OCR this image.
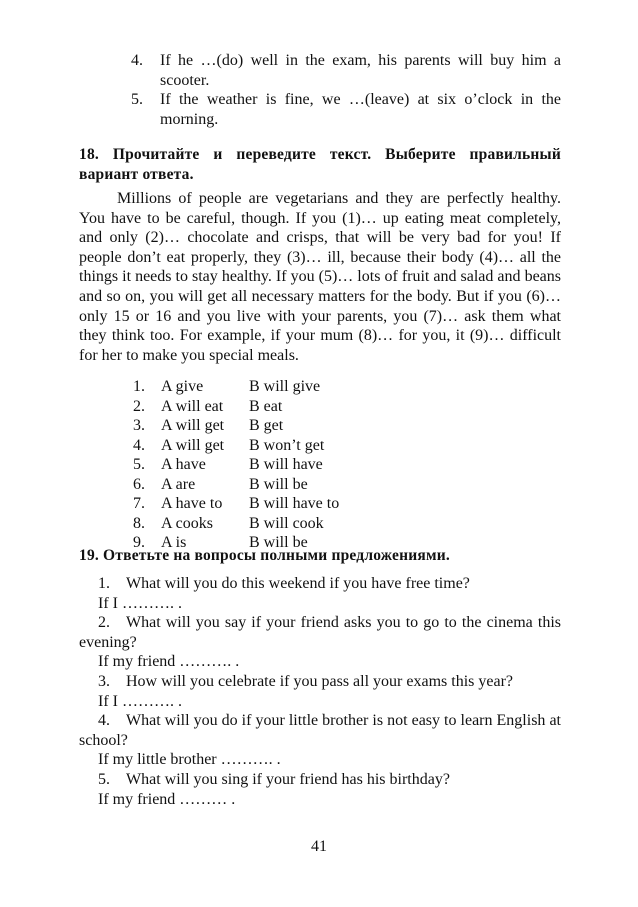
4. If he …(do) well in the exam, his parents will buy him a scooter.
5. If the weather is fine, we …(leave) at six o’clock in the morning.
18. Прочитайте и переведите текст. Выберите правильный вариант ответа.
Millions of people are vegetarians and they are perfectly healthy. You have to be careful, though. If you (1)… up eating meat completely, and only (2)… chocolate and crisps, that will be very bad for you! If people don’t eat properly, they (3)… ill, because their body (4)… all the things it needs to stay healthy. If you (5)… lots of fruit and salad and beans and so on, you will get all necessary matters for the body. But if you (6)… only 15 or 16 and you live with your parents, you (7)… ask them what they think too. For example, if your mum (8)… for you, it (9)… difficult for her to make you special meals.
1.	A give	B will give
2.	A will eat	B eat
3.	A will get	B get
4.	A will get	B won’t get
5.	A have	B will have
6.	A are	B will be
7.	A have to	B will have to
8.	A cooks	B will cook
9.	A is	B will be
19. Ответьте на вопросы полными предложениями.
1. What will you do this weekend if you have free time?
If I ………. .
2. What will you say if your friend asks you to go to the cinema this evening?
If my friend ………. .
3. How will you celebrate if you pass all your exams this year?
If I ………. .
4. What will you do if your little brother is not easy to learn English at school?
If my little brother ………. .
5. What will you sing if your friend has his birthday?
If my friend ……… .
41
